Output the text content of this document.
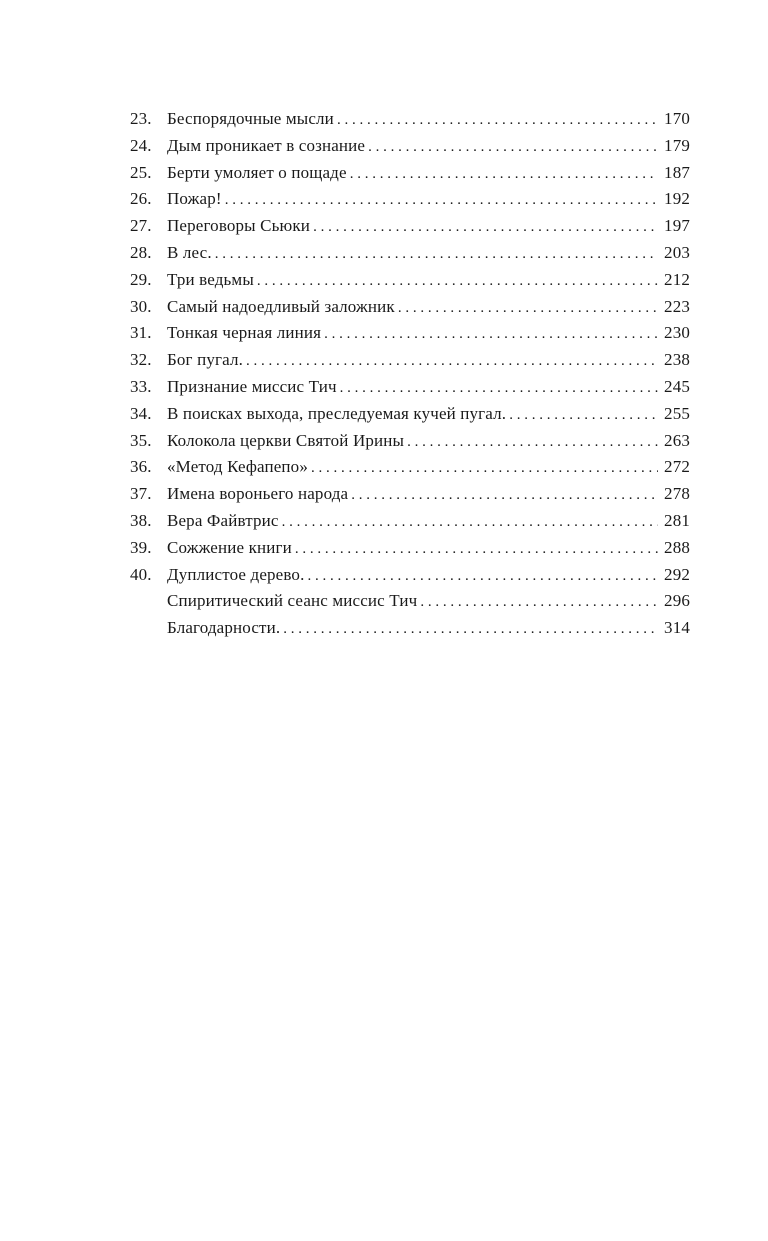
23. Беспорядочные мысли . . .	170
24. Дым проникает в сознание . . .	179
25. Берти умоляет о пощаде . . .	187
26. Пожар! . . .	192
27. Переговоры Сьюки . . .	197
28. В лес. . . .	203
29. Три ведьмы . . .	212
30. Самый надоедливый заложник . . .	223
31. Тонкая черная линия . . .	230
32. Бог пугал. . . .	238
33. Признание миссис Тич . . .	245
34. В поисках выхода, преследуемая кучей пугал. . . .	255
35. Колокола церкви Святой Ирины . . .	263
36. «Метод Кефапепо» . . .	272
37. Имена вороньего народа . . .	278
38. Вера Файвтрис . . .	281
39. Сожжение книги . . .	288
40. Дуплистое дерево. . . .	292
Спиритический сеанс миссис Тич . . .	296
Благодарности. . . .	314
